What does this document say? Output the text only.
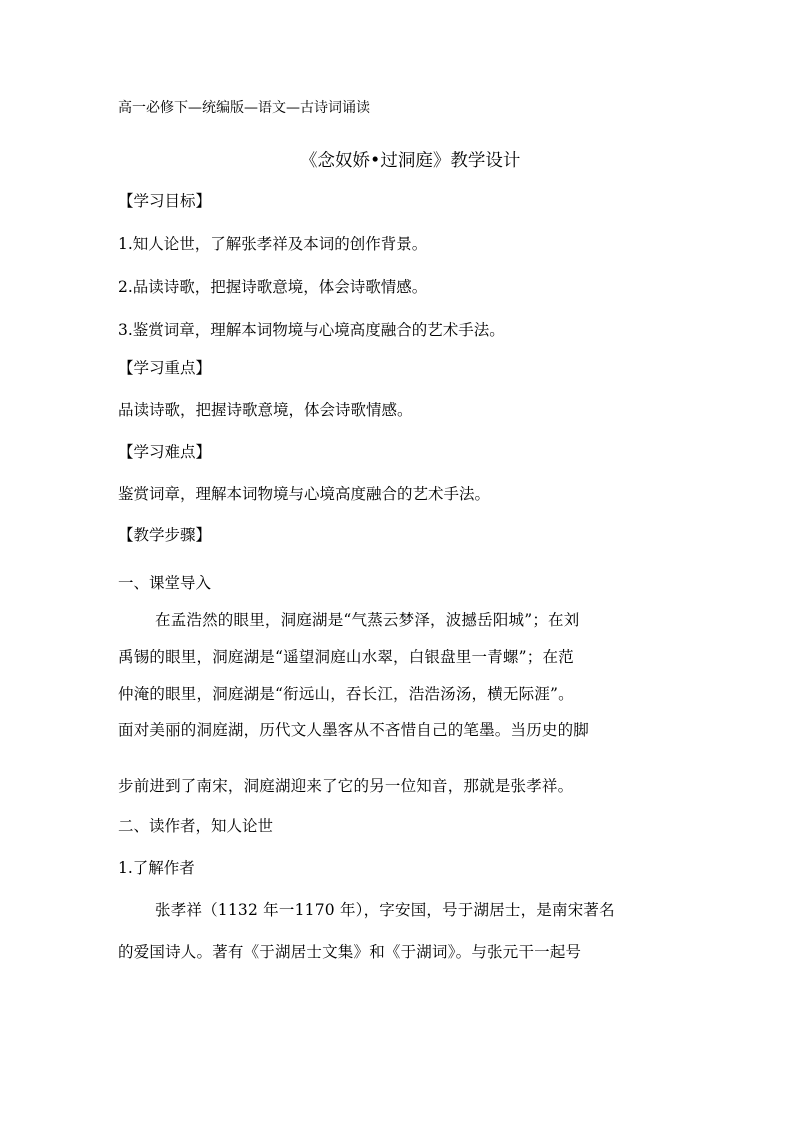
高一必修下—统编版—语文—古诗词诵读
《念奴娇•过洞庭》教学设计
【学习目标】
1.知人论世，了解张孝祥及本词的创作背景。
2.品读诗歌，把握诗歌意境，体会诗歌情感。
3.鉴赏词章，理解本词物境与心境高度融合的艺术手法。
【学习重点】
品读诗歌，把握诗歌意境，体会诗歌情感。
【学习难点】
鉴赏词章，理解本词物境与心境高度融合的艺术手法。
【教学步骤】
一、课堂导入
在孟浩然的眼里，洞庭湖是“气蒸云梦泽，波撼岳阳城”；在刘
禹锡的眼里，洞庭湖是“遥望洞庭山水翠，白银盘里一青螺”；在范
仲淹的眼里，洞庭湖是“衔远山，吞长江，浩浩汤汤，横无际涯”。
面对美丽的洞庭湖，历代文人墨客从不吝惜自己的笔墨。当历史的脚
步前进到了南宋，洞庭湖迎来了它的另一位知音，那就是张孝祥。
二、读作者，知人论世
1.了解作者
张孝祥（1132 年一1170 年），字安国，号于湖居士，是南宋著名
的爱国诗人。著有《于湖居士文集》和《于湖词》。与张元干一起号
